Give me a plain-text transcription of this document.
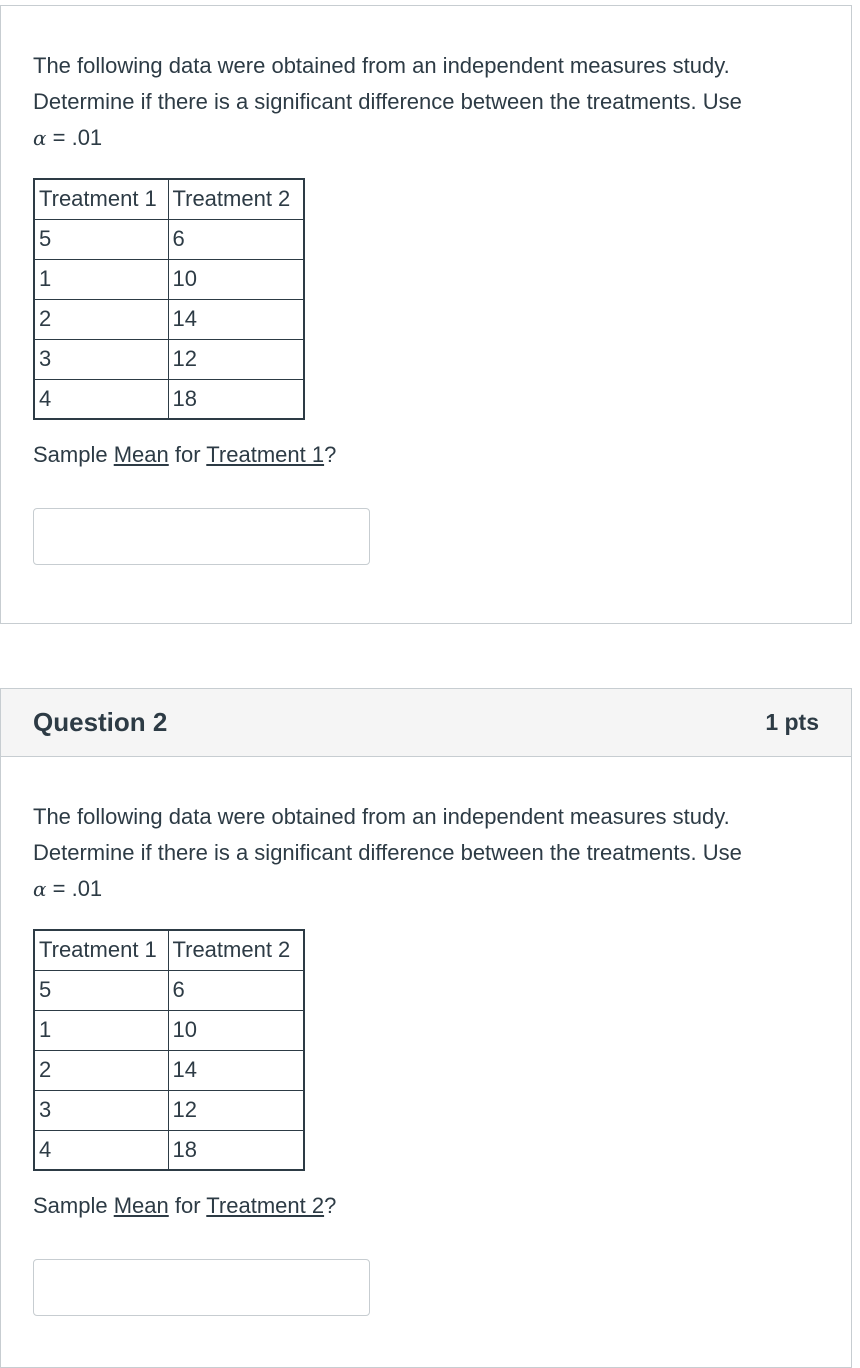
The following data were obtained from an independent measures study.
Determine if there is a significant difference between the treatments. Use
α = .01

Treatment 1	Treatment 2
5	6
1	10
2	14
3	12
4	18
Sample Mean for Treatment 1?
Question 2	1 pts

The following data were obtained from an independent measures study.
Determine if there is a significant difference between the treatments. Use
α = .01

Treatment 1	Treatment 2
5	6
1	10
2	14
3	12
4	18
Sample Mean for Treatment 2?
